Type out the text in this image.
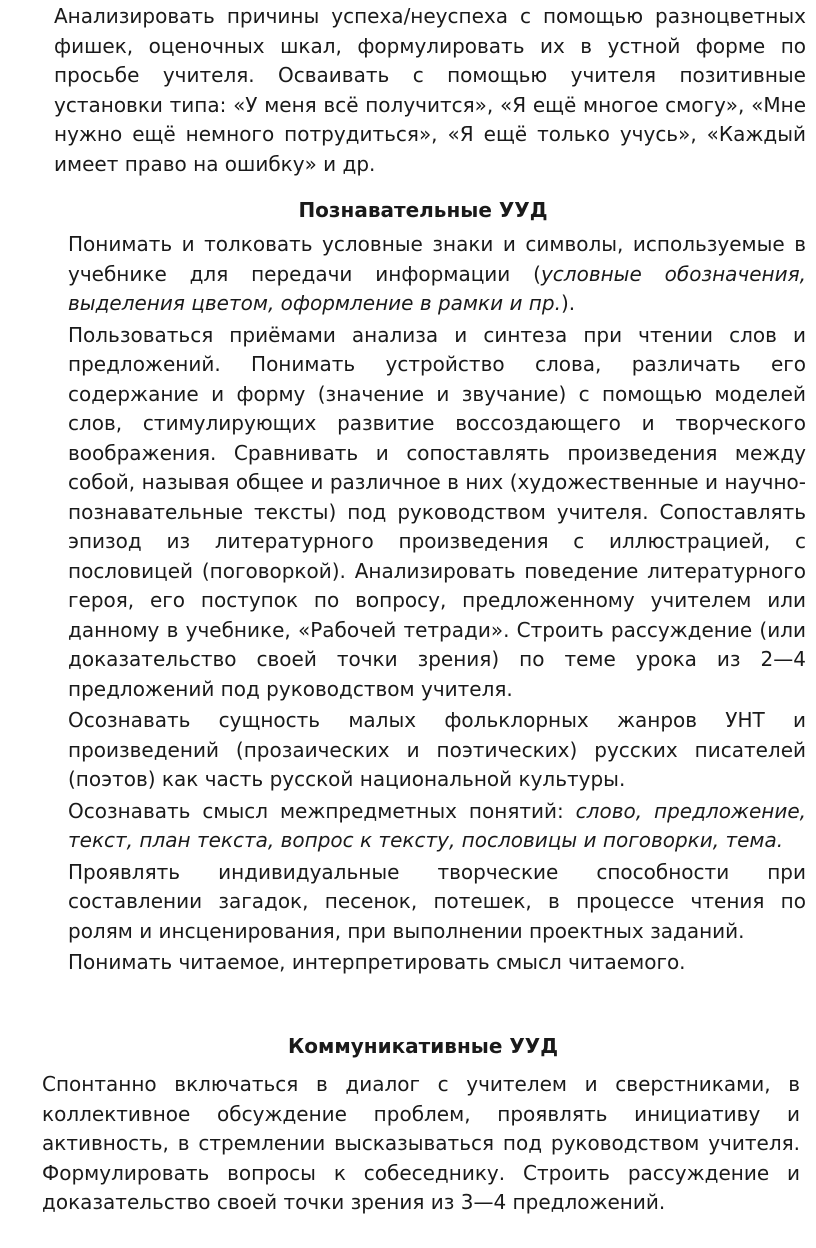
Анализировать причины успеха/неуспеха с помощью разноцветных фишек, оценочных шкал, формулировать их в устной форме по просьбе учителя. Осваивать с помощью учителя позитивные установки типа: «У меня всё получится», «Я ещё многое смогу», «Мне нужно ещё немного потрудиться», «Я ещё только учусь», «Каждый имеет право на ошибку» и др.
Познавательные УУД
Понимать и толковать условные знаки и символы, используемые в учебнике для передачи информации (условные обозначения, выделения цветом, оформление в рамки и пр.).
Пользоваться приёмами анализа и синтеза при чтении слов и предложений. Понимать устройство слова, различать его содержание и форму (значение и звучание) с помощью моделей слов, стимулирующих развитие воссоздающего и творческого воображения. Сравнивать и сопоставлять произведения между собой, называя общее и различное в них (художественные и научно-познавательные тексты) под руководством учителя. Сопоставлять эпизод из литературного произведения с иллюстрацией, с пословицей (поговоркой). Анализировать поведение литературного героя, его поступок по вопросу, предложенному учителем или данному в учебнике, «Рабочей тетради». Строить рассуждение (или доказательство своей точки зрения) по теме урока из 2—4 предложений под руководством учителя.
Осознавать сущность малых фольклорных жанров УНТ и произведений (прозаических и поэтических) русских писателей (поэтов) как часть русской национальной культуры.
Осознавать смысл межпредметных понятий: слово, предложение, текст, план текста, вопрос к тексту, пословицы и поговорки, тема.
Проявлять индивидуальные творческие способности при составлении загадок, песенок, потешек, в процессе чтения по ролям и инсценирования, при выполнении проектных заданий.
Понимать читаемое, интерпретировать смысл читаемого.
Коммуникативные УУД
Спонтанно включаться в диалог с учителем и сверстниками, в коллективное обсуждение проблем, проявлять инициативу и активность, в стремлении высказываться под руководством учителя. Формулировать вопросы к собеседнику. Строить рассуждение и доказательство своей точки зрения из 3—4 предложений.
